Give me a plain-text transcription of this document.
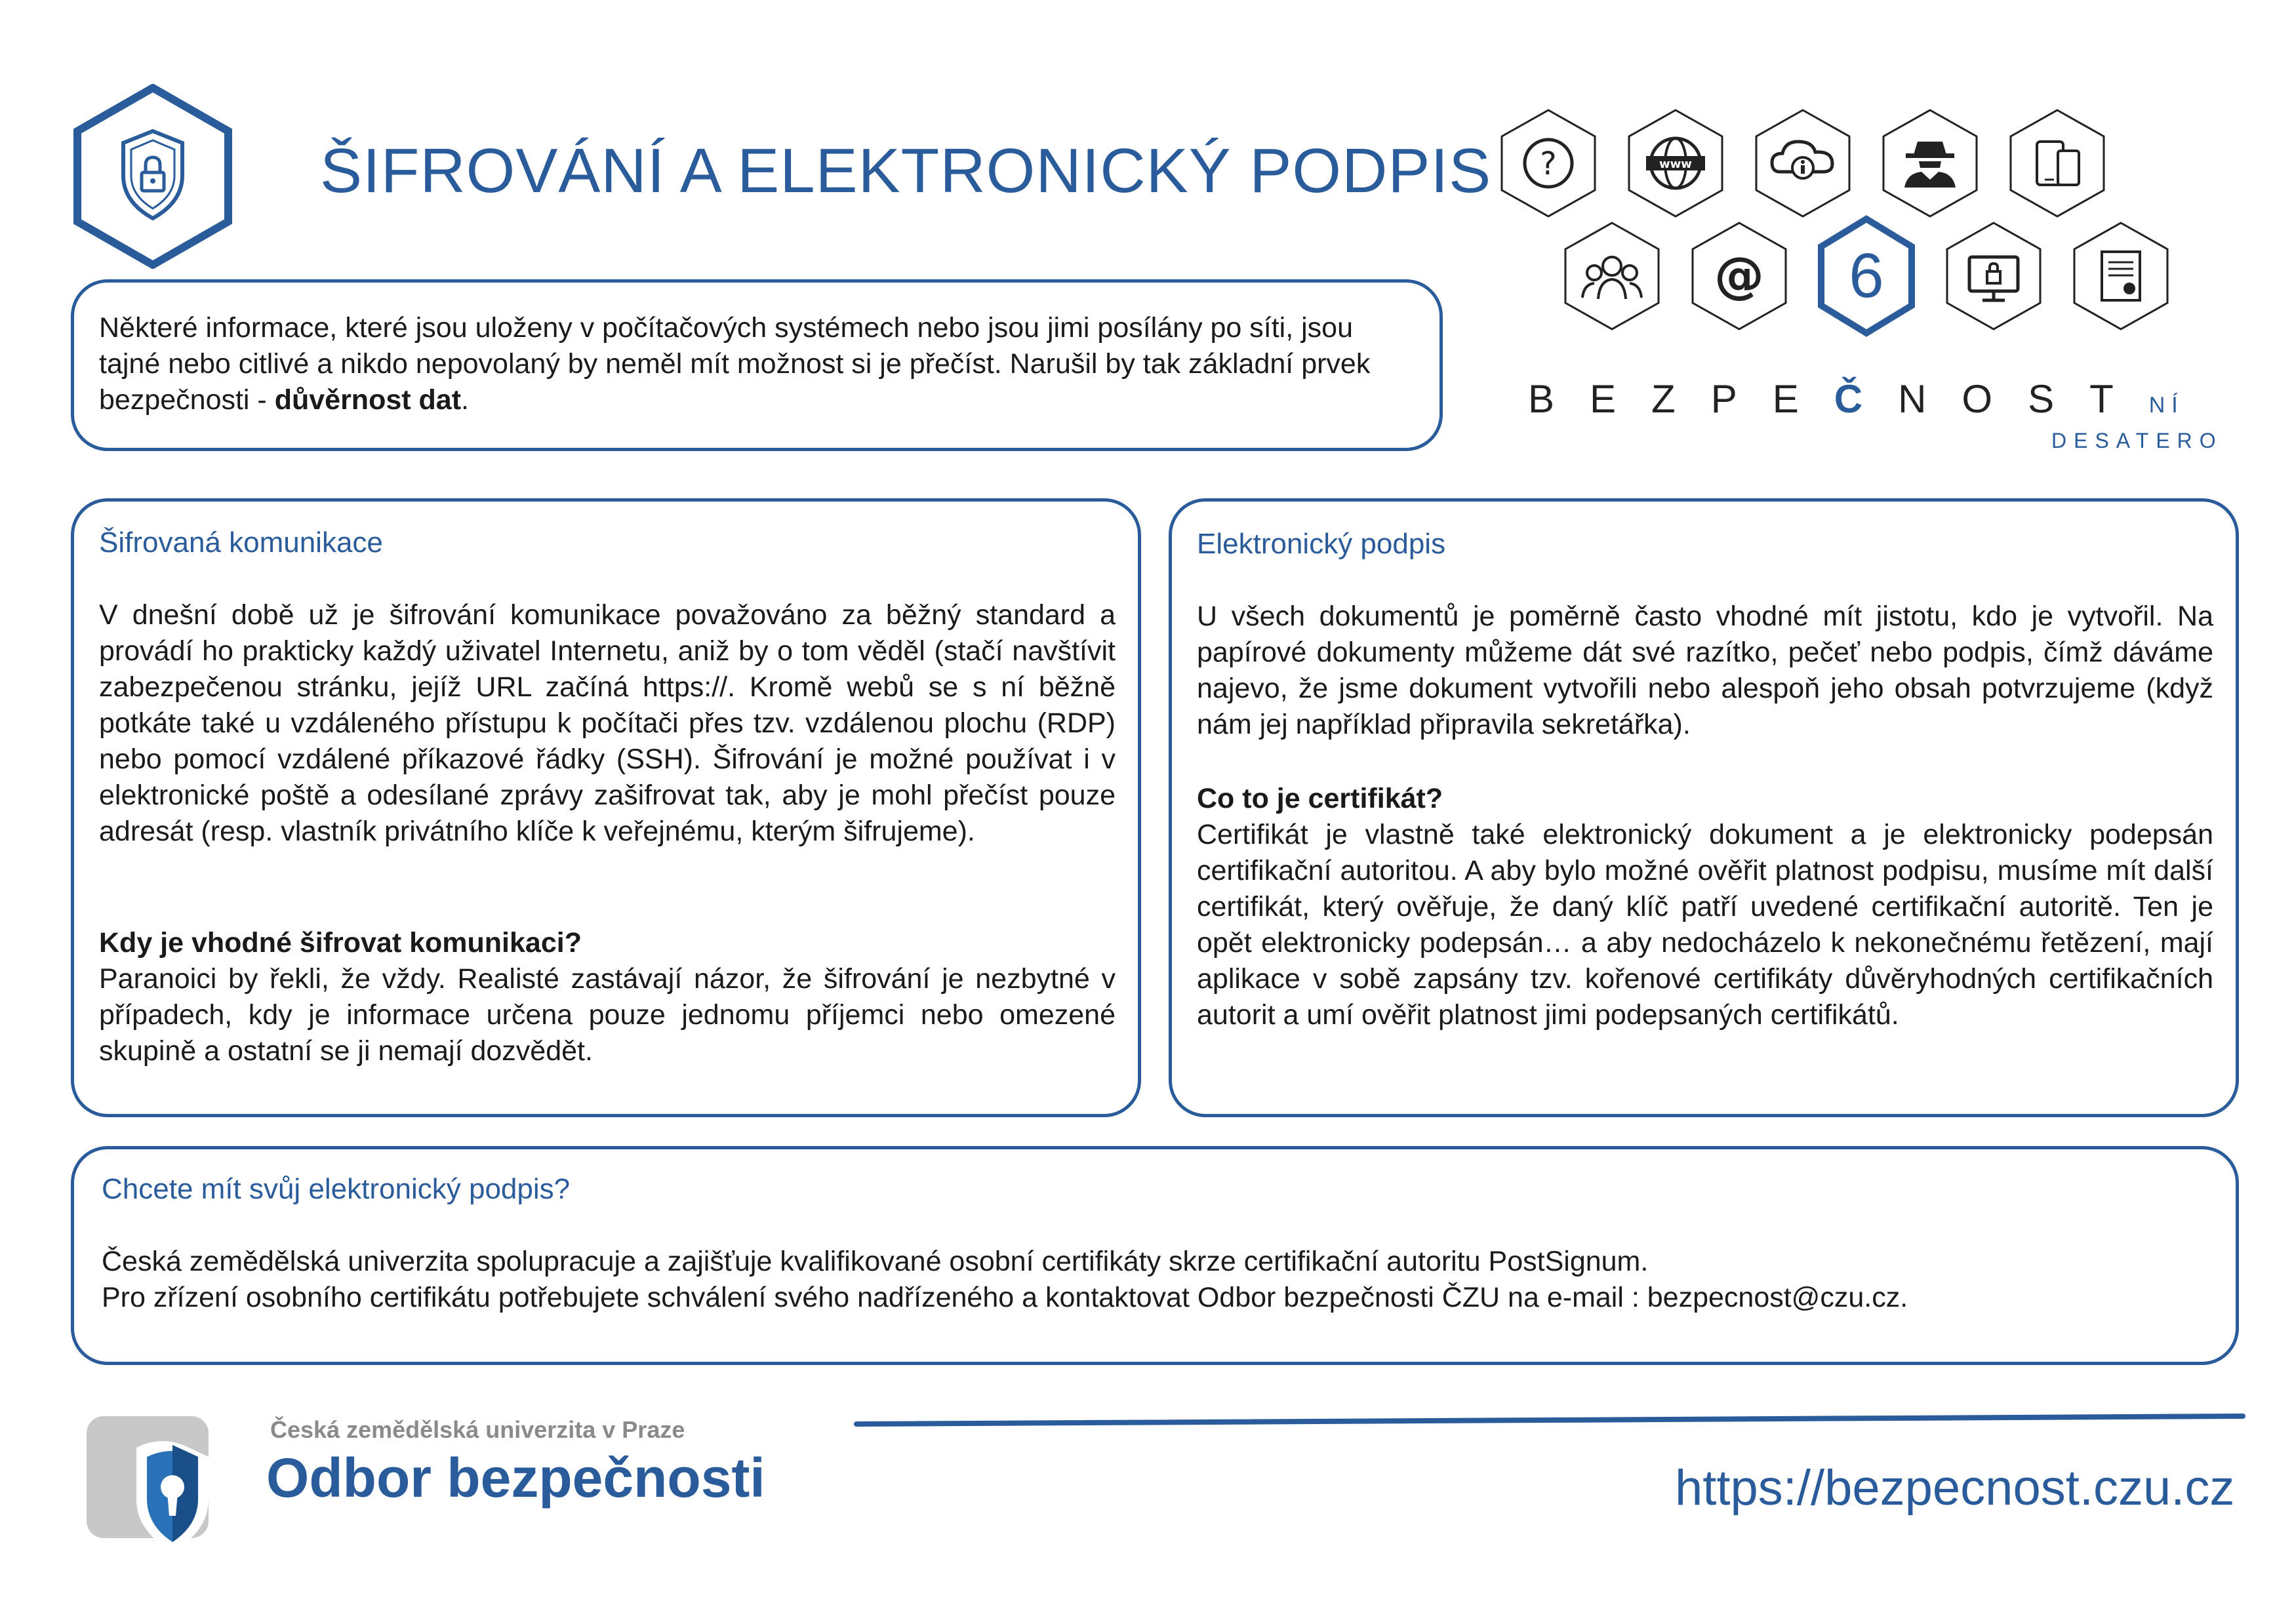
ŠIFROVÁNÍ A ELEKTRONICKÝ PODPIS
Některé informace, které jsou uloženy v počítačových systémech nebo jsou jimi posílány po síti, jsou tajné nebo citlivé a nikdo nepovolaný by neměl mít možnost si je přečíst. Narušil by tak základní prvek bezpečnosti - důvěrnost dat.
?	www
@ 6
BEZPEČNOSTNÍ
DESATERO
Šifrovaná komunikace
V dnešní době už je šifrování komunikace považováno za běžný standard a provádí ho prakticky každý uživatel Internetu, aniž by o tom věděl (stačí navštívit zabezpečenou stránku, jejíž URL začíná https://. Kromě webů se s ní běžně potkáte také u vzdáleného přístupu k počítači přes tzv. vzdálenou plochu (RDP) nebo pomocí vzdálené příkazové řádky (SSH). Šifrování je možné používat i v elektronické poště a odesílané zprávy zašifrovat tak, aby je mohl přečíst pouze adresát (resp. vlastník privátního klíče k veřejnému, kterým šifrujeme).
Kdy je vhodné šifrovat komunikaci?
Paranoici by řekli, že vždy. Realisté zastávají názor, že šifrování je nezbytné v případech, kdy je informace určena pouze jednomu příjemci nebo omezené skupině a ostatní se ji nemají dozvědět.
Elektronický podpis
U všech dokumentů je poměrně často vhodné mít jistotu, kdo je vytvořil. Na papírové dokumenty můžeme dát své razítko, pečeť nebo podpis, čímž dáváme najevo, že jsme dokument vytvořili nebo alespoň jeho obsah potvrzujeme (když nám jej například připravila sekretářka).
Co to je certifikát?
Certifikát je vlastně také elektronický dokument a je elektronicky podepsán certifikační autoritou. A aby bylo možné ověřit platnost podpisu, musíme mít další certifikát, který ověřuje, že daný klíč patří uvedené certifikační autoritě. Ten je opět elektronicky podepsán… a aby nedocházelo k nekonečnému řetězení, mají aplikace v sobě zapsány tzv. kořenové certifikáty důvěryhodných certifikačních autorit a umí ověřit platnost jimi podepsaných certifikátů.
Chcete mít svůj elektronický podpis?
Česká zemědělská univerzita spolupracuje a zajišťuje kvalifikované osobní certifikáty skrze certifikační autoritu PostSignum.
Pro zřízení osobního certifikátu potřebujete schválení svého nadřízeného a kontaktovat Odbor bezpečnosti ČZU na e-mail : bezpecnost@czu.cz.
Česká zemědělská univerzita v Praze
Odbor bezpečnosti	https://bezpecnost.czu.cz
